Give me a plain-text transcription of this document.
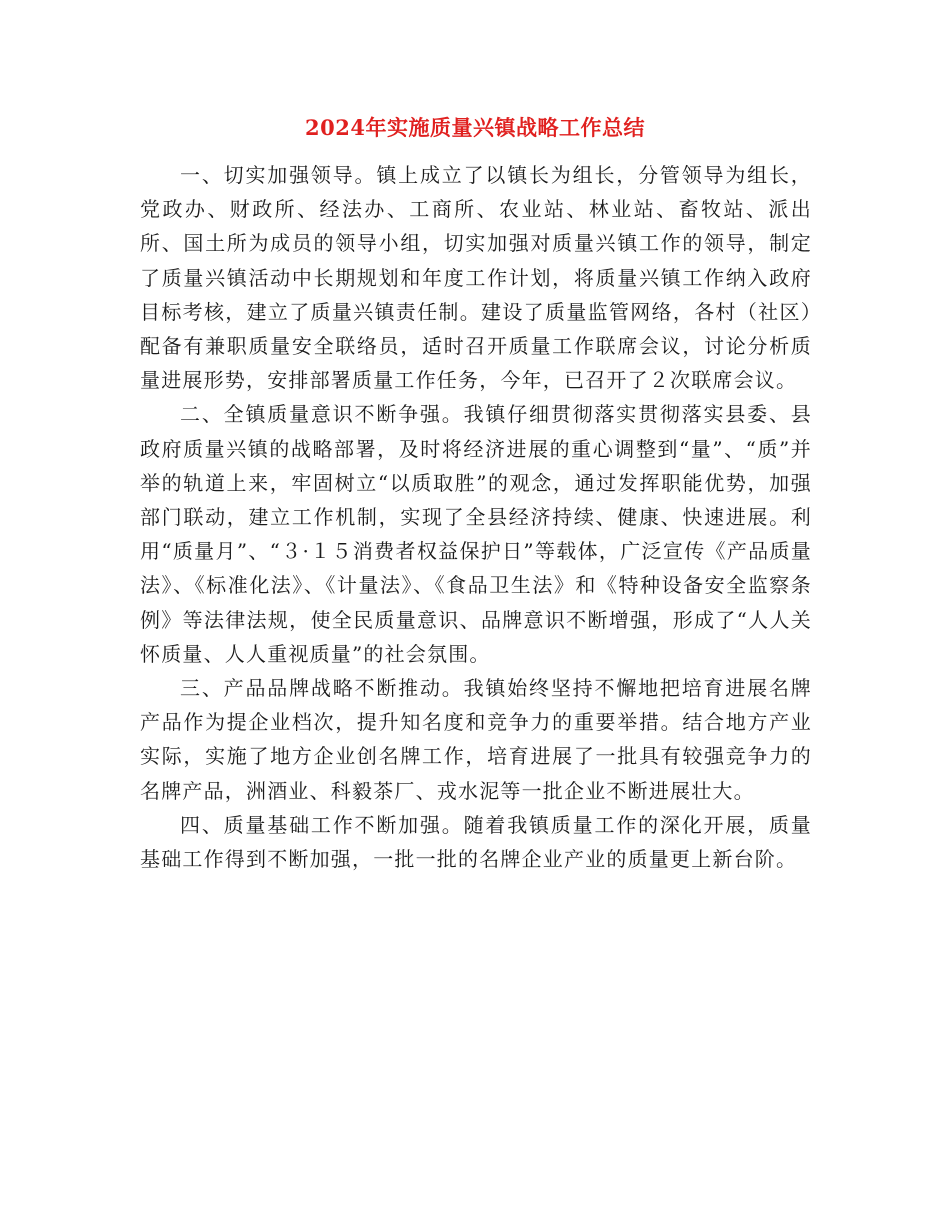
2024年实施质量兴镇战略工作总结

一、切实加强领导。镇上成立了以镇长为组长，分管领导为组长，党政办、财政所、经法办、工商所、农业站、林业站、畜牧站、派出所、国土所为成员的领导小组，切实加强对质量兴镇工作的领导，制定了质量兴镇活动中长期规划和年度工作计划，将质量兴镇工作纳入政府目标考核，建立了质量兴镇责任制。建设了质量监管网络，各村（社区）配备有兼职质量安全联络员，适时召开质量工作联席会议，讨论分析质量进展形势，安排部署质量工作任务，今年，已召开了２次联席会议。

二、全镇质量意识不断争强。我镇仔细贯彻落实贯彻落实县委、县政府质量兴镇的战略部署，及时将经济进展的重心调整到“量”、“质”并举的轨道上来，牢固树立“以质取胜”的观念，通过发挥职能优势，加强部门联动，建立工作机制，实现了全县经济持续、健康、快速进展。利用“质量月”、“３·１５消费者权益保护日”等载体，广泛宣传《产品质量法》、《标准化法》、《计量法》、《食品卫生法》和《特种设备安全监察条例》等法律法规，使全民质量意识、品牌意识不断增强，形成了“人人关怀质量、人人重视质量”的社会氛围。

三、产品品牌战略不断推动。我镇始终坚持不懈地把培育进展名牌产品作为提企业档次，提升知名度和竞争力的重要举措。结合地方产业实际，实施了地方企业创名牌工作，培育进展了一批具有较强竞争力的名牌产品，洲酒业、科毅茶厂、戎水泥等一批企业不断进展壮大。

四、质量基础工作不断加强。随着我镇质量工作的深化开展，质量基础工作得到不断加强，一批一批的名牌企业产业的质量更上新台阶。
